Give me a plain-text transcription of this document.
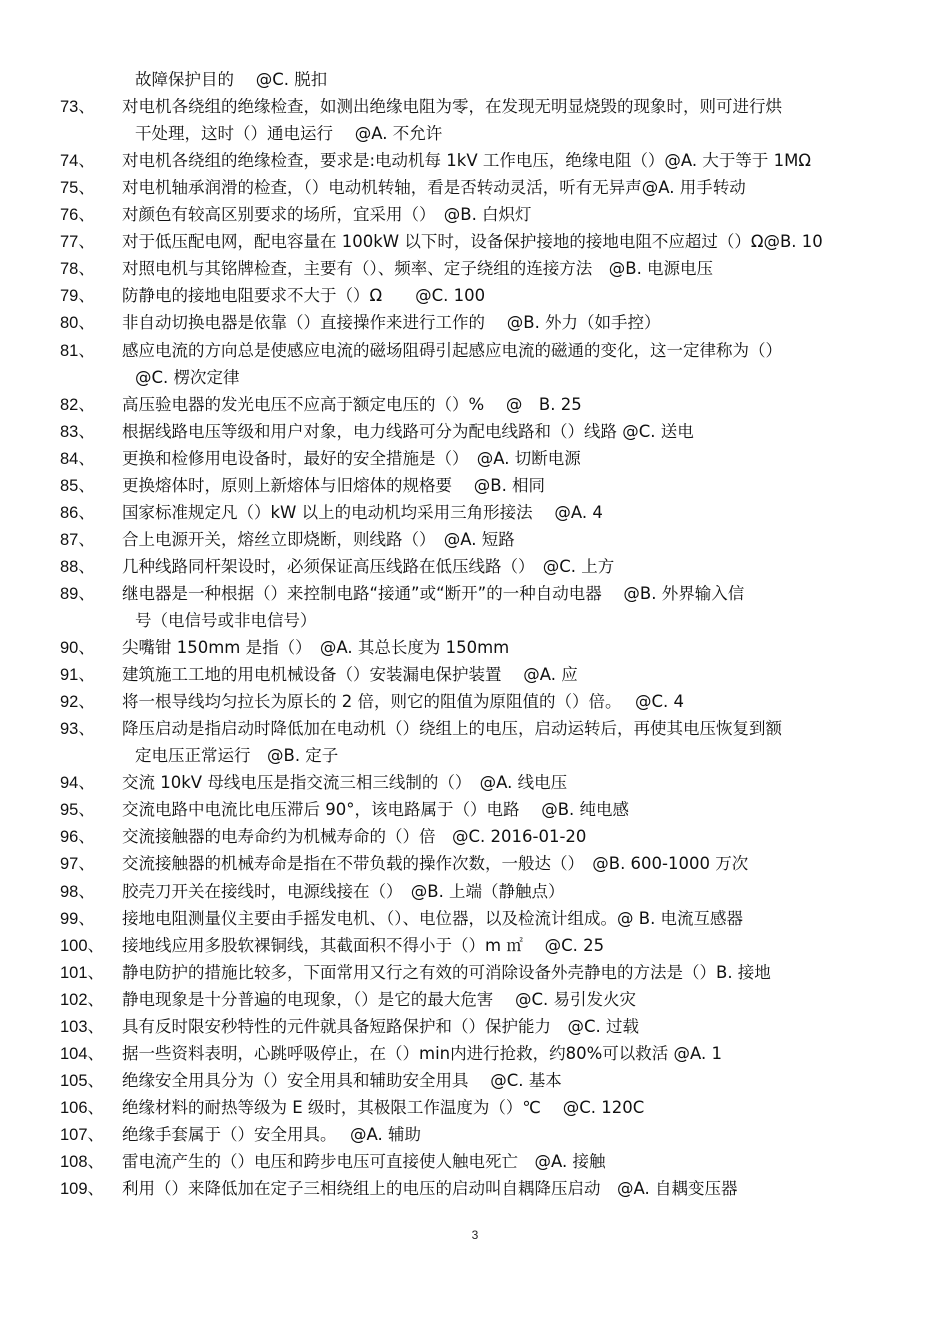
故障保护目的　 @C. 脱扣
73、 对电机各绕组的绝缘检查，如测出绝缘电阻为零，在发现无明显烧毁的现象时，则可进行烘
干处理，这时（）通电运行　 @A. 不允许
74、 对电机各绕组的绝缘检查，要求是:电动机每 1kV 工作电压，绝缘电阻（）@A. 大于等于 1MΩ
75、 对电机轴承润滑的检查，（）电动机转轴，看是否转动灵活，听有无异声@A. 用手转动
76、 对颜色有较高区别要求的场所，宜采用（）　@B. 白炽灯
77、 对于低压配电网，配电容量在 100kW 以下时，设备保护接地的接地电阻不应超过（）Ω@B. 10
78、 对照电机与其铭牌检查，主要有（）、频率、定子绕组的连接方法　@B. 电源电压
79、 防静电的接地电阻要求不大于（）Ω　　@C. 100
80、 非自动切换电器是依靠（）直接操作来进行工作的　 @B. 外力（如手控）
81、 感应电流的方向总是使感应电流的磁场阻碍引起感应电流的磁通的变化，这一定律称为（）
@C. 楞次定律
82、 高压验电器的发光电压不应高于额定电压的（）%　 @　B. 25
83、 根据线路电压等级和用户对象，电力线路可分为配电线路和（）线路 @C. 送电
84、 更换和检修用电设备时，最好的安全措施是（）　@A. 切断电源
85、 更换熔体时，原则上新熔体与旧熔体的规格要　 @B. 相同
86、 国家标准规定凡（）kW 以上的电动机均采用三角形接法　 @A. 4
87、 合上电源开关，熔丝立即烧断，则线路（）　@A. 短路
88、 几种线路同杆架设时，必须保证高压线路在低压线路（）　@C. 上方
89、 继电器是一种根据（）来控制电路“接通”或“断开”的一种自动电器　 @B. 外界输入信
号（电信号或非电信号）
90、 尖嘴钳 150mm 是指（）　@A. 其总长度为 150mm
91、 建筑施工工地的用电机械设备（）安装漏电保护装置　 @A. 应
92、 将一根导线均匀拉长为原长的 2 倍，则它的阻值为原阻值的（）倍。　 @C. 4
93、 降压启动是指启动时降低加在电动机（）绕组上的电压，启动运转后，再使其电压恢复到额
定电压正常运行　@B. 定子
94、 交流 10kV 母线电压是指交流三相三线制的（）　@A. 线电压
95、 交流电路中电流比电压滞后 90°，该电路属于（）电路　 @B. 纯电感
96、 交流接触器的电寿命约为机械寿命的（）倍　@C. 2016-01-20
97、 交流接触器的机械寿命是指在不带负载的操作次数，一般达（）　@B. 600-1000 万次
98、 胶壳刀开关在接线时，电源线接在（）　@B. 上端（静触点）
99、 接地电阻测量仪主要由手摇发电机、（）、电位器，以及检流计组成。@ B. 电流互感器
100、 接地线应用多股软裸铜线，其截面积不得小于（）m ㎡　 @C. 25
101、 静电防护的措施比较多，下面常用又行之有效的可消除设备外壳静电的方法是（）B. 接地
102、 静电现象是十分普遍的电现象，（）是它的最大危害　 @C. 易引发火灾
103、 具有反时限安秒特性的元件就具备短路保护和（）保护能力　@C. 过载
104、 据一些资料表明，心跳呼吸停止，在（）min内进行抢救，约80%可以救活 @A. 1
105、 绝缘安全用具分为（）安全用具和辅助安全用具　 @C. 基本
106、 绝缘材料的耐热等级为 E 级时，其极限工作温度为（）℃　 @C. 120C
107、 绝缘手套属于（）安全用具。　 @A. 辅助
108、 雷电流产生的（）电压和跨步电压可直接使人触电死亡　@A. 接触
109、 利用（）来降低加在定子三相绕组上的电压的启动叫自耦降压启动　@A. 自耦变压器
3
